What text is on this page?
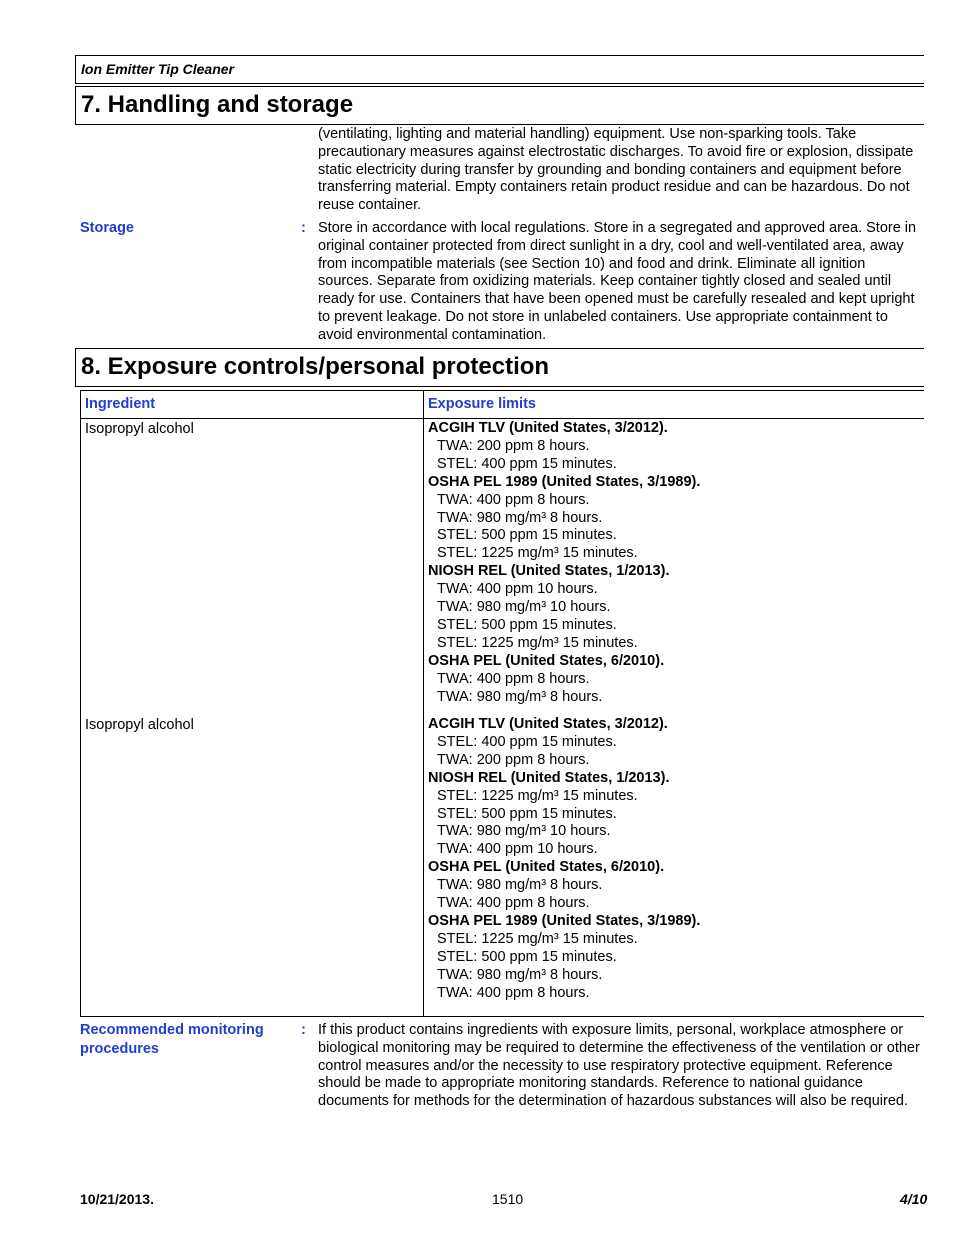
Ion Emitter Tip Cleaner
7. Handling and storage

(ventilating, lighting and material handling) equipment. Use non-sparking tools. Take precautionary measures against electrostatic discharges. To avoid fire or explosion, dissipate static electricity during transfer by grounding and bonding containers and equipment before transferring material. Empty containers retain product residue and can be hazardous. Do not reuse container.

Storage	: Store in accordance with local regulations. Store in a segregated and approved area. Store in original container protected from direct sunlight in a dry, cool and well-ventilated area, away from incompatible materials (see Section 10) and food and drink. Eliminate all ignition sources. Separate from oxidizing materials. Keep container tightly closed and sealed until ready for use. Containers that have been opened must be carefully resealed and kept upright to prevent leakage. Do not store in unlabeled containers. Use appropriate containment to avoid environmental contamination.

8. Exposure controls/personal protection
Ingredient	Exposure limits
Isopropyl alcohol	ACGIH TLV (United States, 3/2012).
TWA: 200 ppm 8 hours.
STEL: 400 ppm 15 minutes.
OSHA PEL 1989 (United States, 3/1989).
TWA: 400 ppm 8 hours.
TWA: 980 mg/m³ 8 hours.
STEL: 500 ppm 15 minutes.
STEL: 1225 mg/m³ 15 minutes.
NIOSH REL (United States, 1/2013).
TWA: 400 ppm 10 hours.
TWA: 980 mg/m³ 10 hours.
STEL: 500 ppm 15 minutes.
STEL: 1225 mg/m³ 15 minutes.
OSHA PEL (United States, 6/2010).
TWA: 400 ppm 8 hours.
TWA: 980 mg/m³ 8 hours.
Isopropyl alcohol	ACGIH TLV (United States, 3/2012).
STEL: 400 ppm 15 minutes.
TWA: 200 ppm 8 hours.
NIOSH REL (United States, 1/2013).
STEL: 1225 mg/m³ 15 minutes.
STEL: 500 ppm 15 minutes.
TWA: 980 mg/m³ 10 hours.
TWA: 400 ppm 10 hours.
OSHA PEL (United States, 6/2010).
TWA: 980 mg/m³ 8 hours.
TWA: 400 ppm 8 hours.
OSHA PEL 1989 (United States, 3/1989).
STEL: 1225 mg/m³ 15 minutes.
STEL: 500 ppm 15 minutes.
TWA: 980 mg/m³ 8 hours.
TWA: 400 ppm 8 hours.
Recommended monitoring
procedures
: If this product contains ingredients with exposure limits, personal, workplace atmosphere or biological monitoring may be required to determine the effectiveness of the ventilation or other control measures and/or the necessity to use respiratory protective equipment. Reference should be made to appropriate monitoring standards. Reference to national guidance documents for methods for the determination of hazardous substances will also be required.

10/21/2013.	1510	4/10
